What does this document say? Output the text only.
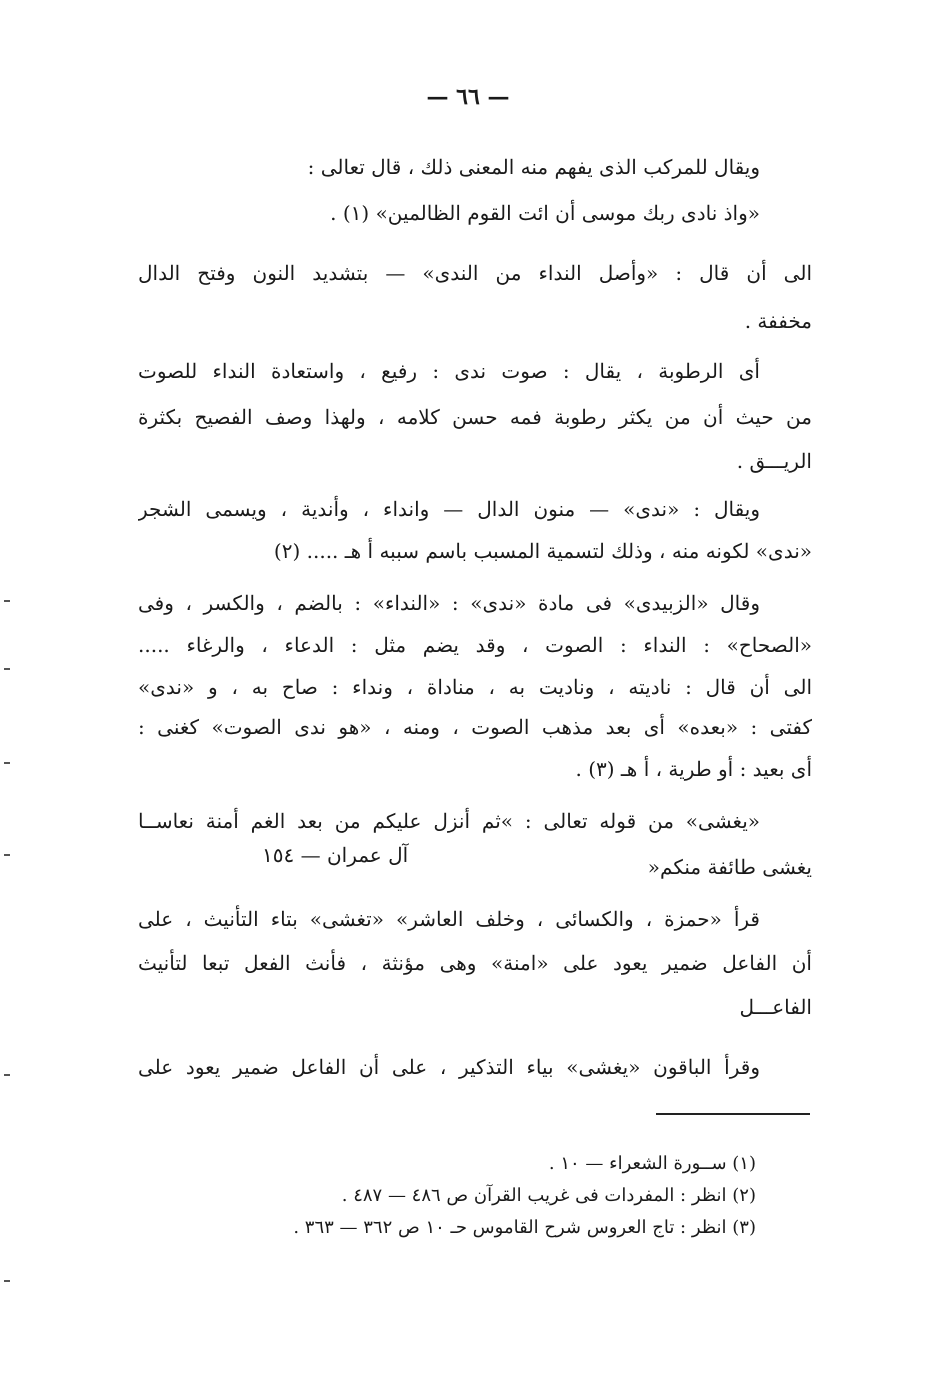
— ٦٦ —
ويقال للمركب الذى يفهم منه المعنى ذلك ، قال تعالى :
«واذ نادى ربك موسى أن ائت القوم الظالمين» (١) .
الى أن قال : «وأصل النداء من الندى» — بتشديد النون وفتح الدال
مخففة .
أى الرطوبة ، يقال : صوت ندى : رفيع ، واستعادة النداء للصوت
من حيث أن من يكثر رطوبة فمه حسن كلامه ، ولهذا وصف الفصيح بكثرة
الريـــق .
ويقال : «ندى» — منون الدال — وانداء ، وأندية ، ويسمى الشجر
«ندى» لكونه منه ، وذلك لتسمية المسبب باسم سببه أ هـ ..... (٢)
وقال «الزبيدى» فى مادة «ندى» : «النداء» : بالضم ، والكسر ، وفى
«الصحاح» : النداء : الصوت ، وقد يضم مثل : الدعاء ، والرغاء .....
الى أن قال : ناديته ، وناديت به ، مناداة ، ونداء : صاح به ، و «ندى»
كفتى : «بعده» أى بعد مذهب الصوت ، ومنه ، «هو ندى الصوت» كغنى :
أى بعيد : أو طرية ، أ هـ (٣) .
«يغشى» من قوله تعالى : »ثم أنزل عليكم من بعد الغم أمنة نعاســا
يغشى طائفة منكم«
آل عمران — ١٥٤
قرأ «حمزة ، والكسائى ، وخلف العاشر» «تغشى» بتاء التأنيث ، على
أن الفاعل ضمير يعود على «امنة» وهى مؤنثة ، فأنث الفعل تبعا لتأنيث
الفاعـــل
وقرأ الباقون «يغشى» بياء التذكير ، على أن الفاعل ضمير يعود على
(١) ســورة الشعراء — ١٠ .
(٢) انظر : المفردات فى غريب القرآن ص ٤٨٦ — ٤٨٧ .
(٣) انظر : تاج العروس شرح القاموس حـ ١٠ ص ٣٦٢ — ٣٦٣ .
